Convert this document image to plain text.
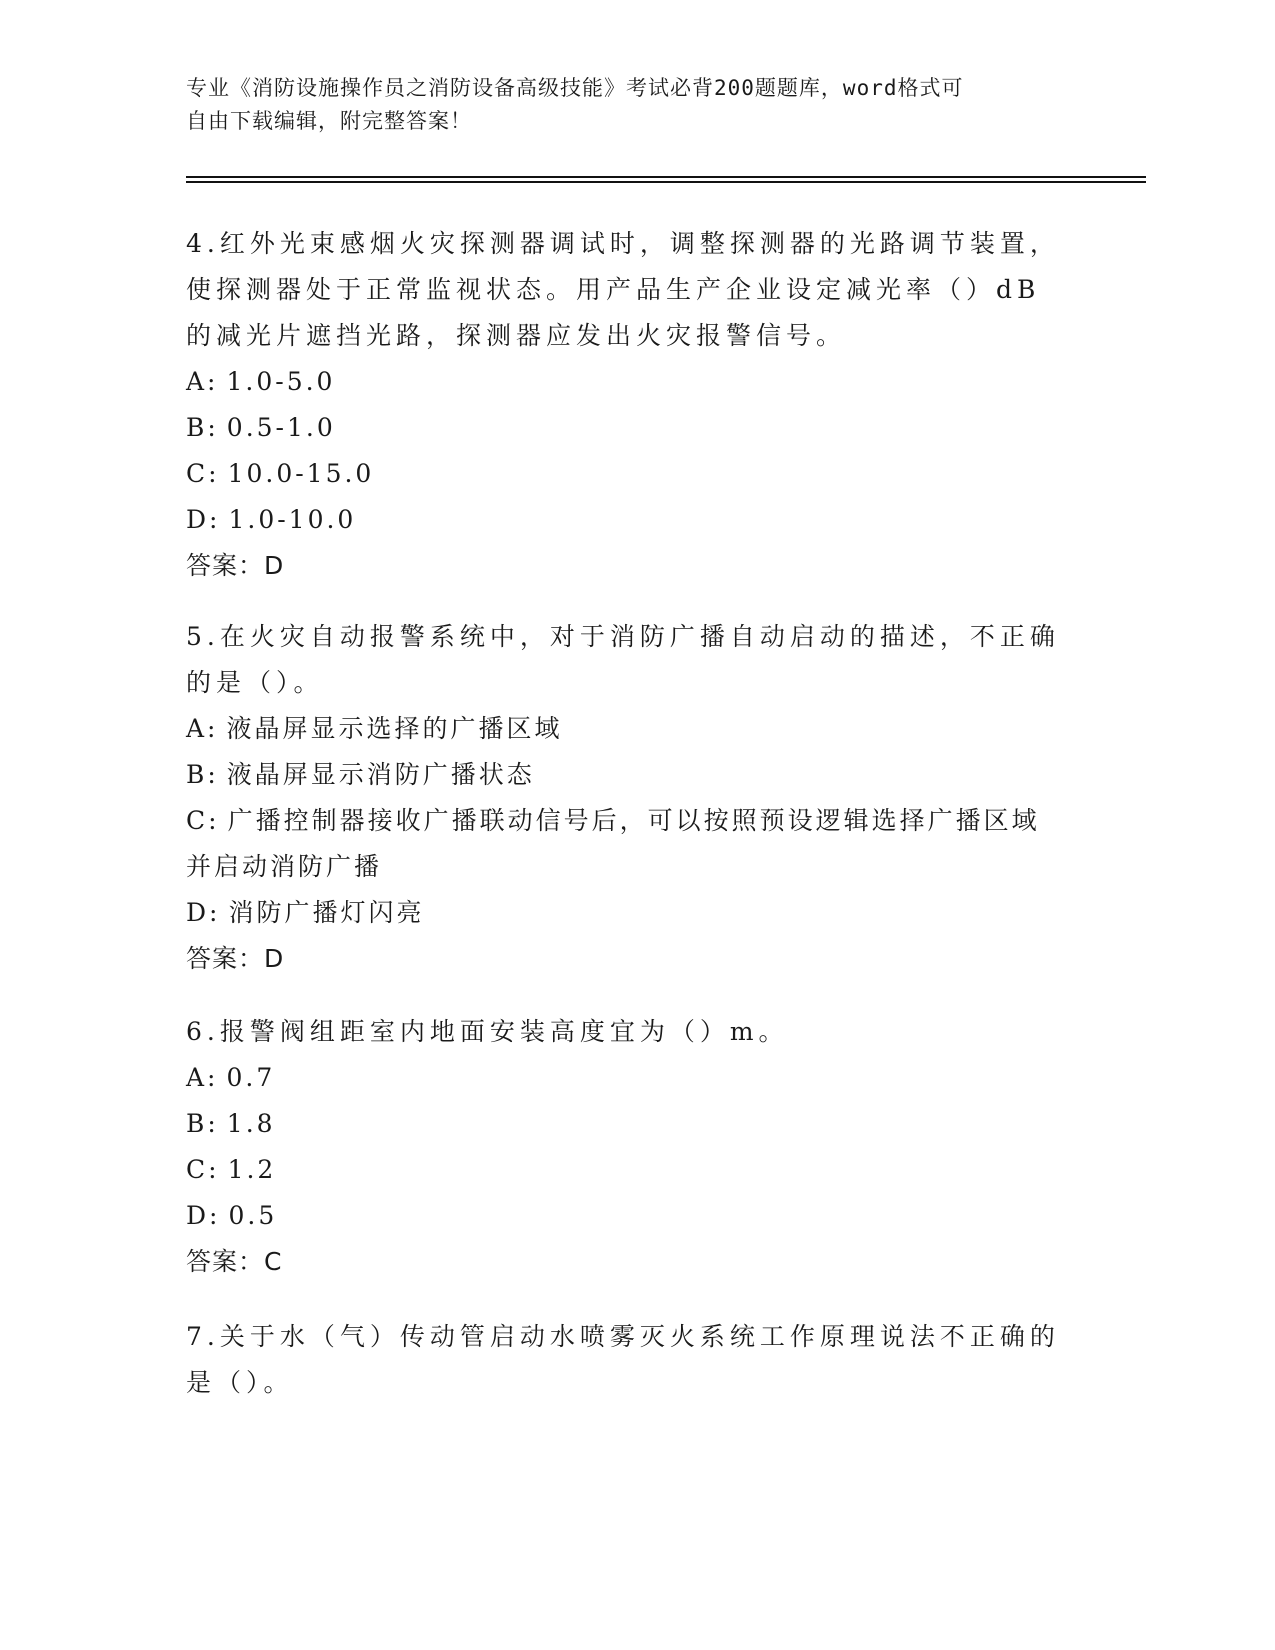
专业《消防设施操作员之消防设备高级技能》考试必背200题题库，word格式可
自由下载编辑，附完整答案！
4.红外光束感烟火灾探测器调试时，调整探测器的光路调节装置，使探测器处于正常监视状态。用产品生产企业设定减光率（）dB的减光片遮挡光路，探测器应发出火灾报警信号。
A: 1.0-5.0
B: 0.5-1.0
C: 10.0-15.0
D: 1.0-10.0
答案：D
5.在火灾自动报警系统中，对于消防广播自动启动的描述，不正确的是（）。
A: 液晶屏显示选择的广播区域
B: 液晶屏显示消防广播状态
C: 广播控制器接收广播联动信号后，可以按照预设逻辑选择广播区域并启动消防广播
D: 消防广播灯闪亮
答案：D
6.报警阀组距室内地面安装高度宜为（）m。
A: 0.7
B: 1.8
C: 1.2
D: 0.5
答案：C
7.关于水（气）传动管启动水喷雾灭火系统工作原理说法不正确的是（）。
